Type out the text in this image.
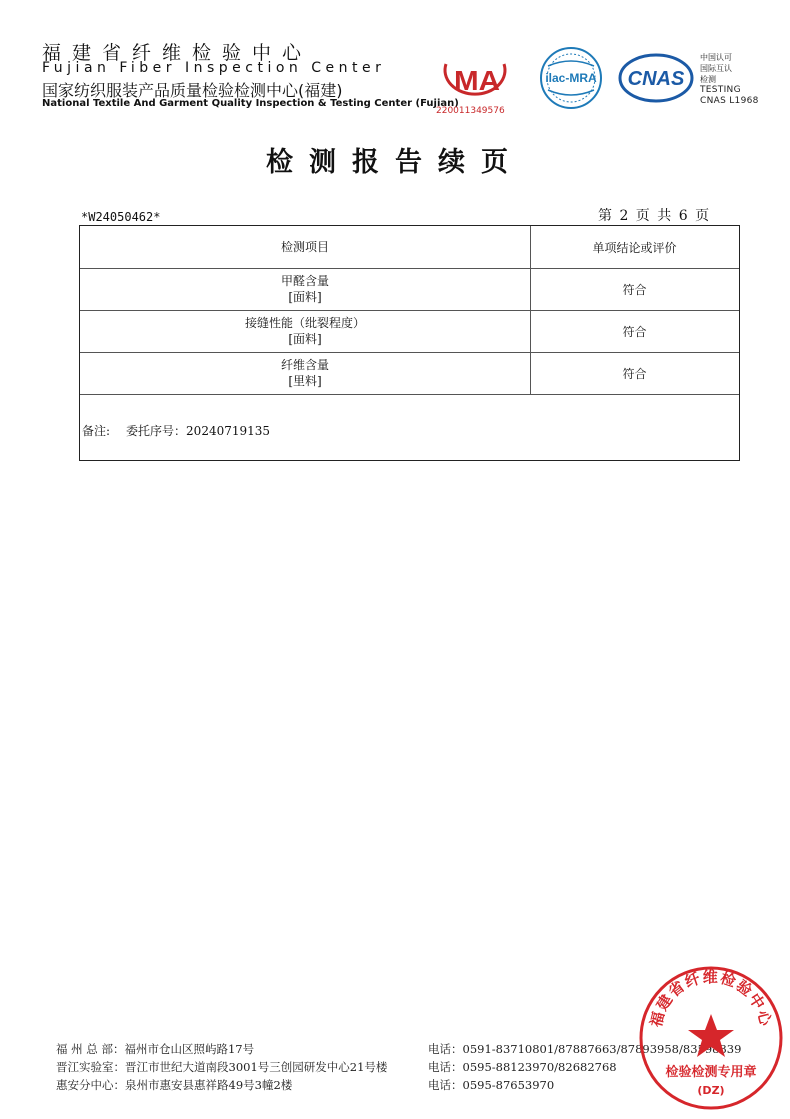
福建省纤维检验中心
Fujian Fiber Inspection Center
国家纺织服装产品质量检验检测中心(福建)
National Textile And Garment Quality Inspection & Testing Center (Fujian)
MA
220011349576
ilac-MRA CNAS
中国认可
国际互认
检测
TESTING
CNAS L1968
检测报告续页
*W24050462*	第 2 页 共 6 页
检测项目	单项结论或评价
甲醛含量
[面料]
符合
接缝性能（纰裂程度）
[面料]
符合
纤维含量
[里料]
符合
备注: 委托序号：20240719135
福 州 总 部：福州市仓山区照屿路17号
晋江实验室：晋江市世纪大道南段3001号三创园研发中心21号楼
惠安分中心：泉州市惠安县惠祥路49号3幢2楼
电话：0591-83710801/87887663/87893958/83598339
电话：0595-88123970/82682768
电话：0595-87653970
福建省纤维检验中心
检验检测专用章
(DZ)
